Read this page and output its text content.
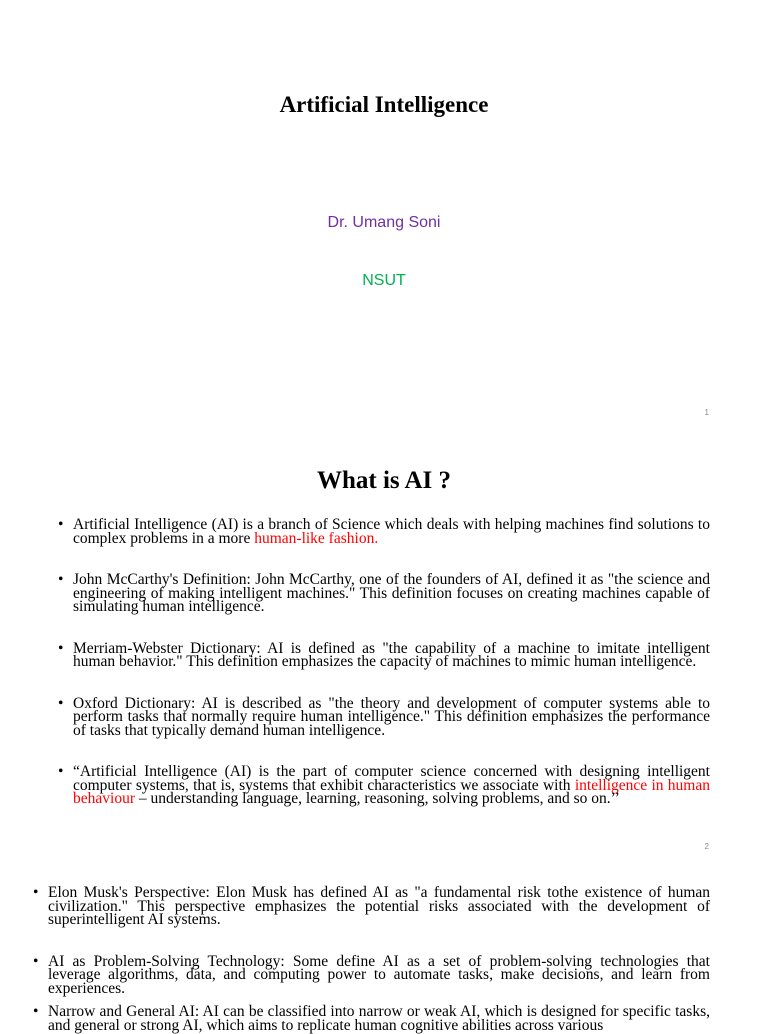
Artificial Intelligence
Dr. Umang Soni
NSUT
1
What is AI ?
• Artificial Intelligence (AI) is a branch of Science which deals with helping machines find solutions to complex problems in a more human-like fashion.
• John McCarthy's Definition: John McCarthy, one of the founders of AI, defined it as "the science and engineering of making intelligent machines." This definition focuses on creating machines capable of simulating human intelligence.
• Merriam-Webster Dictionary: AI is defined as "the capability of a machine to imitate intelligent human behavior." This definition emphasizes the capacity of machines to mimic human intelligence.
• Oxford Dictionary: AI is described as "the theory and development of computer systems able to perform tasks that normally require human intelligence." This definition emphasizes the performance of tasks that typically demand human intelligence.
• “Artificial Intelligence (AI) is the part of computer science concerned with designing intelligent computer systems, that is, systems that exhibit characteristics we associate with intelligence in human behaviour – understanding language, learning, reasoning, solving problems, and so on.’’
2
• Elon Musk's Perspective: Elon Musk has defined AI as "a fundamental risk tothe existence of human civilization." This perspective emphasizes the potential risks associated with the development of superintelligent AI systems.
• AI as Problem-Solving Technology: Some define AI as a set of problem-solving technologies that leverage algorithms, data, and computing power to automate tasks, make decisions, and learn from experiences.
• Narrow and General AI: AI can be classified into narrow or weak AI, which is designed for specific tasks, and general or strong AI, which aims to replicate human cognitive abilities across various
